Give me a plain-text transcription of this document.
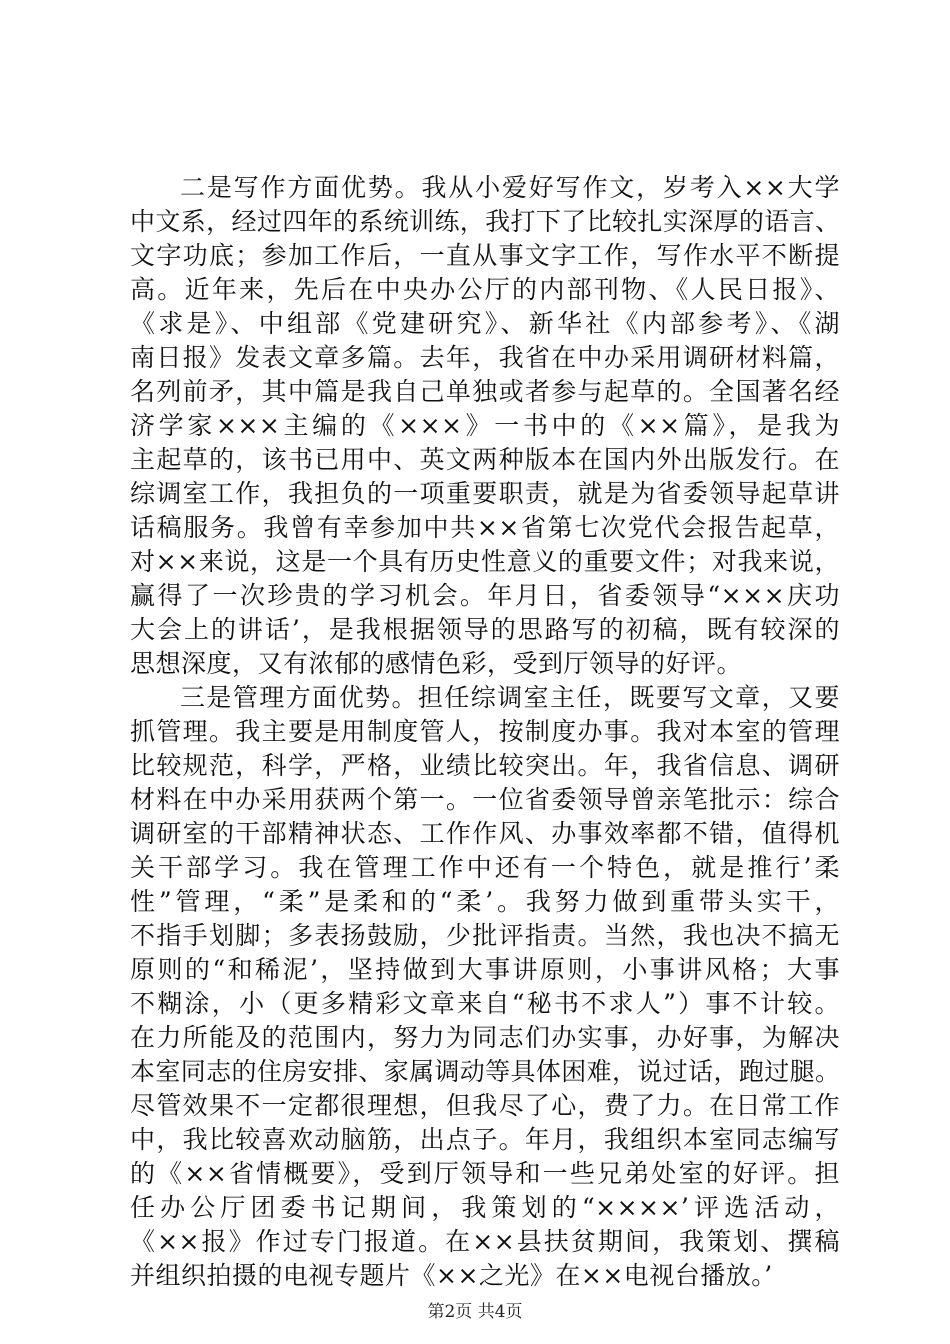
二是写作方面优势。我从小爱好写作文，岁考入××大学
中文系，经过四年的系统训练，我打下了比较扎实深厚的语言、
文字功底；参加工作后，一直从事文字工作，写作水平不断提
高。近年来，先后在中央办公厅的内部刊物、《人民日报》、
《求是》、中组部《党建研究》、新华社《内部参考》、《湖
南日报》发表文章多篇。去年，我省在中办采用调研材料篇，
名列前矛，其中篇是我自己单独或者参与起草的。全国著名经
济学家×××主编的《×××》一书中的《××篇》，是我为
主起草的，该书已用中、英文两种版本在国内外出版发行。在
综调室工作，我担负的一项重要职责，就是为省委领导起草讲
话稿服务。我曾有幸参加中共××省第七次党代会报告起草，
对××来说，这是一个具有历史性意义的重要文件；对我来说，
赢得了一次珍贵的学习机会。年月日，省委领导“×××庆功
大会上的讲话’，是我根据领导的思路写的初稿，既有较深的
思想深度，又有浓郁的感情色彩，受到厅领导的好评。
三是管理方面优势。担任综调室主任，既要写文章，又要
抓管理。我主要是用制度管人，按制度办事。我对本室的管理
比较规范，科学，严格，业绩比较突出。年，我省信息、调研
材料在中办采用获两个第一。一位省委领导曾亲笔批示：综合
调研室的干部精神状态、工作作风、办事效率都不错，值得机
关干部学习。我在管理工作中还有一个特色，就是推行’柔
性”管理，“柔”是柔和的“柔’。我努力做到重带头实干，
不指手划脚；多表扬鼓励，少批评指责。当然，我也决不搞无
原则的“和稀泥’，坚持做到大事讲原则，小事讲风格；大事
不糊涂，小（更多精彩文章来自“秘书不求人”）事不计较。
在力所能及的范围内，努力为同志们办实事，办好事，为解决
本室同志的住房安排、家属调动等具体困难，说过话，跑过腿。
尽管效果不一定都很理想，但我尽了心，费了力。在日常工作
中，我比较喜欢动脑筋，出点子。年月，我组织本室同志编写
的《××省情概要》，受到厅领导和一些兄弟处室的好评。担
任办公厅团委书记期间，我策划的“××××’评选活动，
《××报》作过专门报道。在××县扶贫期间，我策划、撰稿
并组织拍摄的电视专题片《××之光》在××电视台播放。’
第2页 共4页
